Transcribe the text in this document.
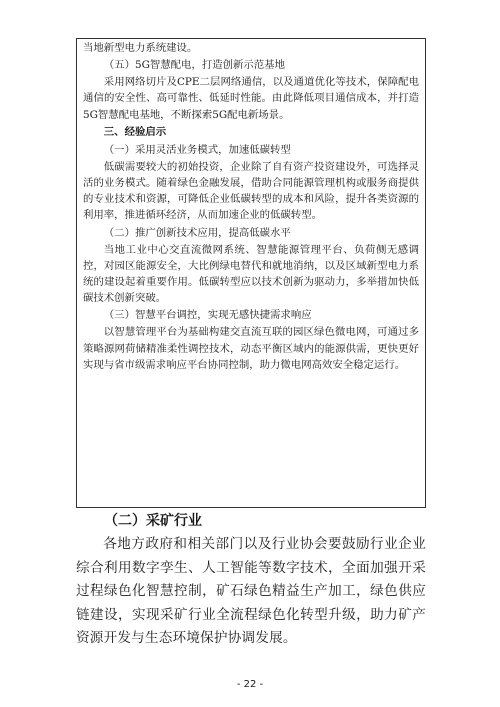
当地新型电力系统建设。

（五）5G智慧配电，打造创新示范基地

采用网络切片及CPE二层网络通信，以及通道优化等技术，保障配电通信的安全性、高可靠性、低延时性能。由此降低项目通信成本，并打造5G智慧配电基地，不断探索5G配电新场景。

三、经验启示

（一）采用灵活业务模式，加速低碳转型

低碳需要较大的初始投资，企业除了自有资产投资建设外，可选择灵活的业务模式。随着绿色金融发展，借助合同能源管理机构或服务商提供的专业技术和资源，可降低企业低碳转型的成本和风险，提升各类资源的利用率，推进循环经济，从而加速企业的低碳转型。

（二）推广创新技术应用，提高低碳水平

当地工业中心交直流微网系统、智慧能源管理平台、负荷侧无感调控，对园区能源安全，大比例绿电替代和就地消纳，以及区域新型电力系统的建设起着重要作用。低碳转型应以技术创新为驱动力，多举措加快低碳技术创新突破。

（三）智慧平台调控，实现无感快捷需求响应

以智慧管理平台为基础构建交直流互联的园区绿色微电网，可通过多策略源网荷储精准柔性调控技术，动态平衡区域内的能源供需，更快更好实现与省市级需求响应平台协同控制，助力微电网高效安全稳定运行。

（二）采矿行业

各地方政府和相关部门以及行业协会要鼓励行业企业综合利用数字孪生、人工智能等数字技术，全面加强开采过程绿色化智慧控制，矿石绿色精益生产加工，绿色供应链建设，实现采矿行业全流程绿色化转型升级，助力矿产资源开发与生态环境保护协调发展。

- 22 -
